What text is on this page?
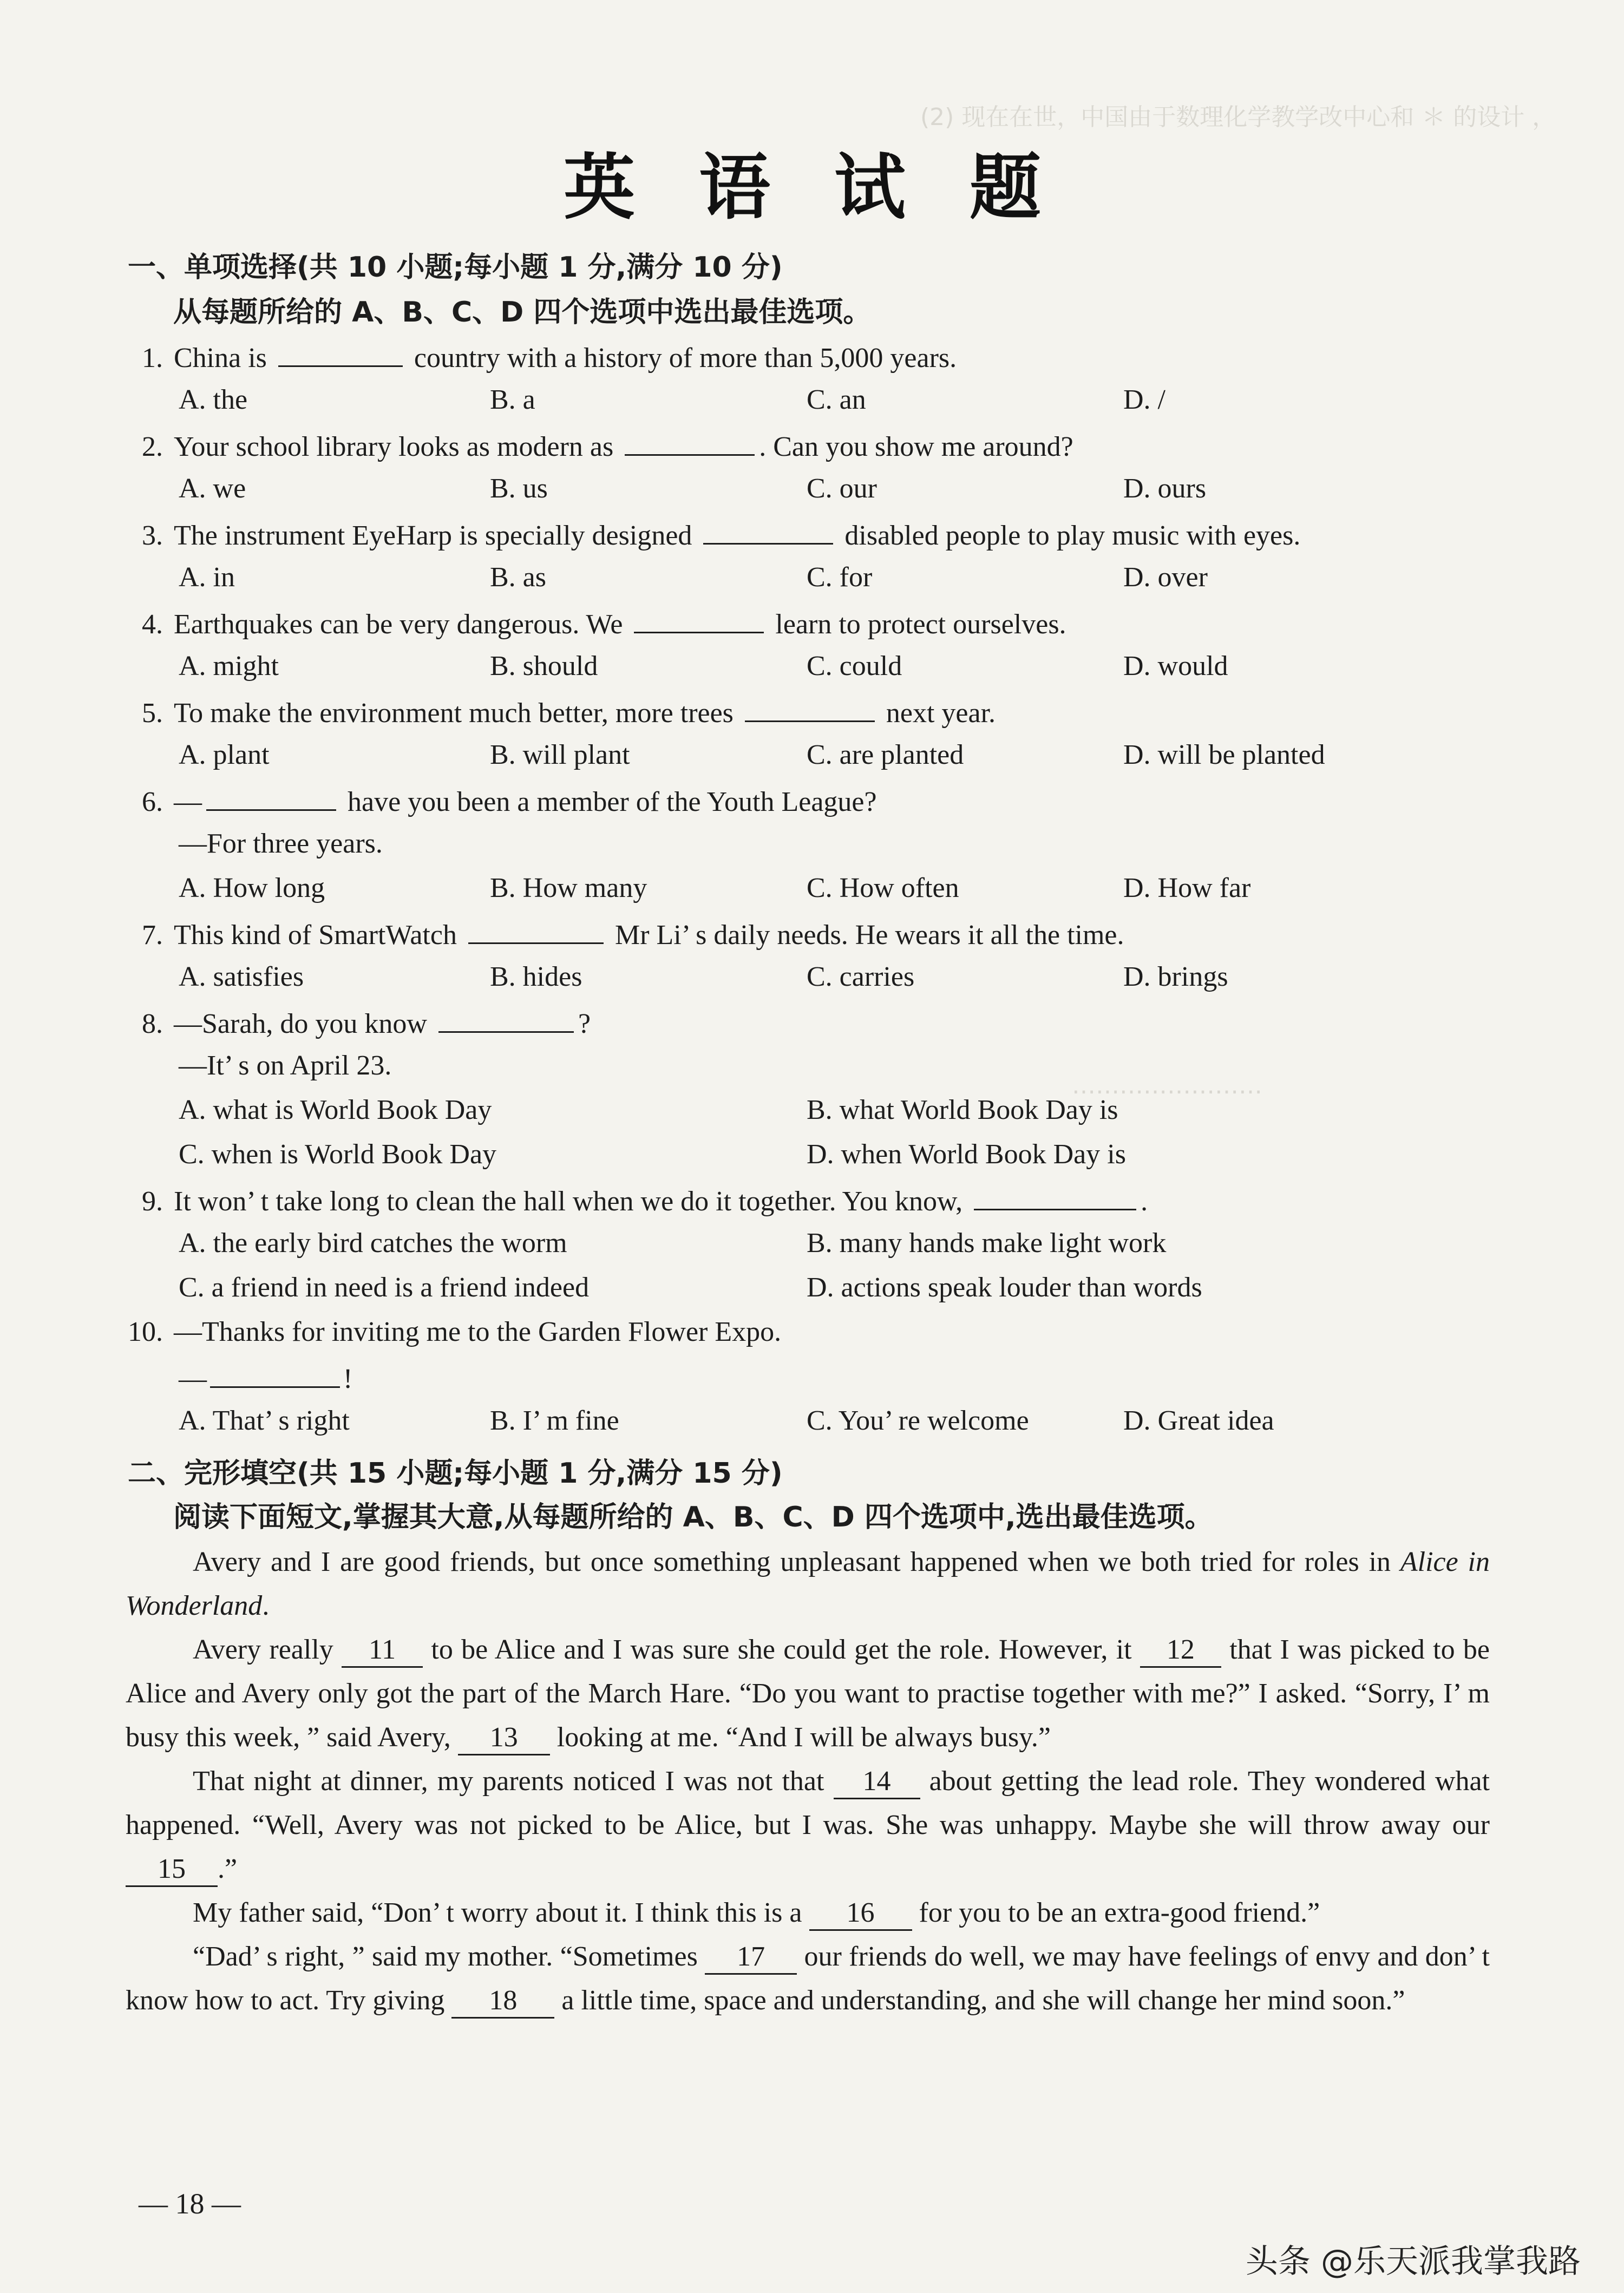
(2) 现在在世，中国由于数理化学教学改中心和 ＊ 的设计 ，
……………………
英 语 试 题
一、单项选择(共 10 小题;每小题 1 分,满分 10 分)
从每题所给的 A、B、C、D 四个选项中选出最佳选项。
1. China is	country with a history of more than 5,000 years.
A. the	B. a	C. an	D. /
2. Your school library looks as modern as	. Can you show me around?
A. we	B. us	C. our	D. ours
3. The instrument EyeHarp is specially designed	disabled people to play music with eyes.
A. in	B. as	C. for	D. over
4. Earthquakes can be very dangerous. We	learn to protect ourselves.
A. might	B. should	C. could	D. would
5. To make the environment much better, more trees	next year.
A. plant	B. will plant	C. are planted	D. will be planted
6. —	have you been a member of the Youth League?
—For three years.
A. How long	B. How many	C. How often	D. How far
7. This kind of SmartWatch	Mr Li’ s daily needs. He wears it all the time.
A. satisfies	B. hides	C. carries	D. brings
8. —Sarah, do you know	?
—It’ s on April 23.
A. what is World Book Day	B. what World Book Day is
C. when is World Book Day	D. when World Book Day is
9. It won’ t take long to clean the hall when we do it together. You know,	.
A. the early bird catches the worm	B. many hands make light work
C. a friend in need is a friend indeed	D. actions speak louder than words
10. —Thanks for inviting me to the Garden Flower Expo.
—	!
A. That’ s right	B. I’ m fine	C. You’ re welcome	D. Great idea
二、完形填空(共 15 小题;每小题 1 分,满分 15 分)
阅读下面短文,掌握其大意,从每题所给的 A、B、C、D 四个选项中,选出最佳选项。

Avery and I are good friends, but once something unpleasant happened when we both tried for roles in Alice in Wonderland.

Avery really 11 to be Alice and I was sure she could get the role. However, it 12 that I was picked to be Alice and Avery only got the part of the March Hare. “Do you want to practise together with me?” I asked. “Sorry, I’ m busy this week, ” said Avery, 13 looking at me. “And I will be always busy.”

That night at dinner, my parents noticed I was not that 14 about getting the lead role. They wondered what happened. “Well, Avery was not picked to be Alice, but I was. She was unhappy. Maybe she will throw away our 15 .”

My father said, “Don’ t worry about it. I think this is a 16 for you to be an extra-good friend.”

“Dad’ s right, ” said my mother. “Sometimes 17 our friends do well, we may have feelings of envy and don’ t know how to act. Try giving 18 a little time, space and understanding, and she will change her mind soon.”

— 18 —
头条 @乐天派我掌我路
